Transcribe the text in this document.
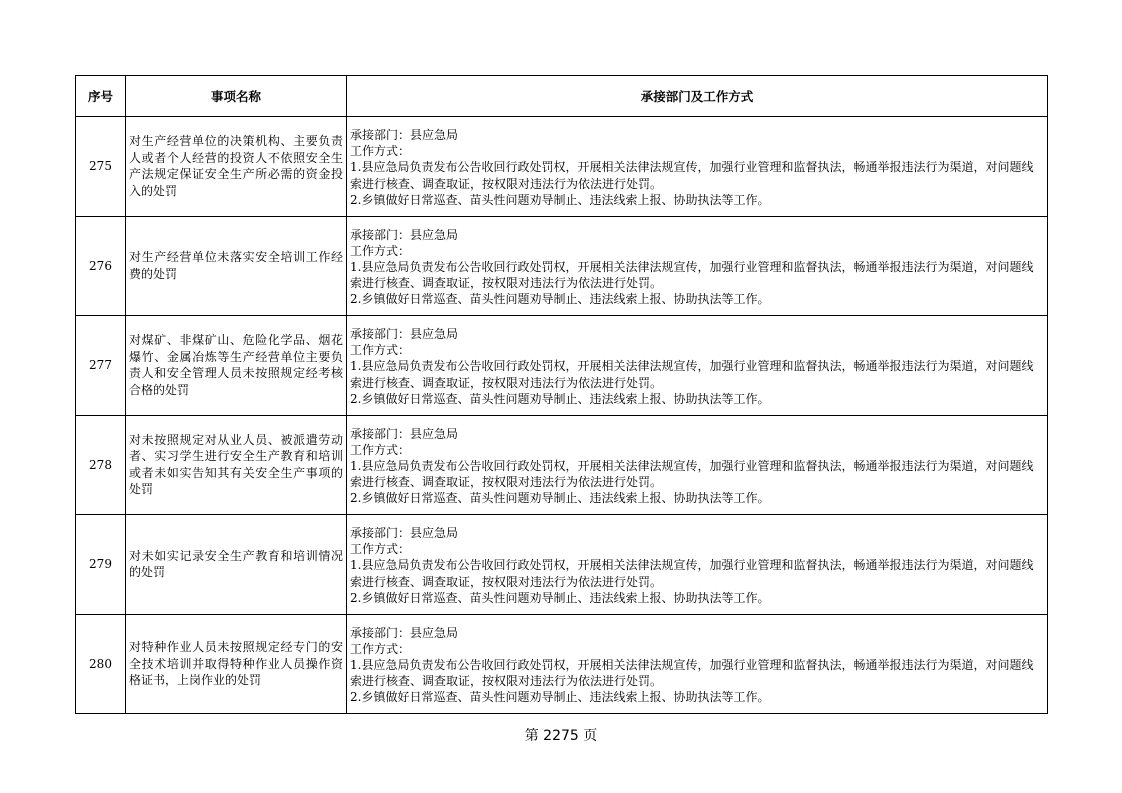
序号	事项名称	承接部门及工作方式
275	对生产经营单位的决策机构、主要负责人或者个人经营的投资人不依照安全生产法规定保证安全生产所必需的资金投入的处罚	承接部门：县应急局
工作方式：
1.县应急局负责发布公告收回行政处罚权，开展相关法律法规宣传，加强行业管理和监督执法，畅通举报违法行为渠道，对问题线索进行核查、调查取证，按权限对违法行为依法进行处罚。
2.乡镇做好日常巡查、苗头性问题劝导制止、违法线索上报、协助执法等工作。

276	对生产经营单位未落实安全培训工作经费的处罚	承接部门：县应急局
工作方式：
1.县应急局负责发布公告收回行政处罚权，开展相关法律法规宣传，加强行业管理和监督执法，畅通举报违法行为渠道，对问题线索进行核查、调查取证，按权限对违法行为依法进行处罚。
2.乡镇做好日常巡查、苗头性问题劝导制止、违法线索上报、协助执法等工作。

277	对煤矿、非煤矿山、危险化学品、烟花爆竹、金属冶炼等生产经营单位主要负责人和安全管理人员未按照规定经考核合格的处罚	承接部门：县应急局
工作方式：
1.县应急局负责发布公告收回行政处罚权，开展相关法律法规宣传，加强行业管理和监督执法，畅通举报违法行为渠道，对问题线索进行核查、调查取证，按权限对违法行为依法进行处罚。
2.乡镇做好日常巡查、苗头性问题劝导制止、违法线索上报、协助执法等工作。

278	对未按照规定对从业人员、被派遣劳动者、实习学生进行安全生产教育和培训或者未如实告知其有关安全生产事项的处罚	承接部门：县应急局
工作方式：
1.县应急局负责发布公告收回行政处罚权，开展相关法律法规宣传，加强行业管理和监督执法，畅通举报违法行为渠道，对问题线索进行核查、调查取证，按权限对违法行为依法进行处罚。
2.乡镇做好日常巡查、苗头性问题劝导制止、违法线索上报、协助执法等工作。

279	对未如实记录安全生产教育和培训情况的处罚	承接部门：县应急局
工作方式：
1.县应急局负责发布公告收回行政处罚权，开展相关法律法规宣传，加强行业管理和监督执法，畅通举报违法行为渠道，对问题线索进行核查、调查取证，按权限对违法行为依法进行处罚。
2.乡镇做好日常巡查、苗头性问题劝导制止、违法线索上报、协助执法等工作。

280	对特种作业人员未按照规定经专门的安全技术培训并取得特种作业人员操作资格证书，上岗作业的处罚	承接部门：县应急局
工作方式：
1.县应急局负责发布公告收回行政处罚权，开展相关法律法规宣传，加强行业管理和监督执法，畅通举报违法行为渠道，对问题线索进行核查、调查取证，按权限对违法行为依法进行处罚。
2.乡镇做好日常巡查、苗头性问题劝导制止、违法线索上报、协助执法等工作。
第 2275 页
